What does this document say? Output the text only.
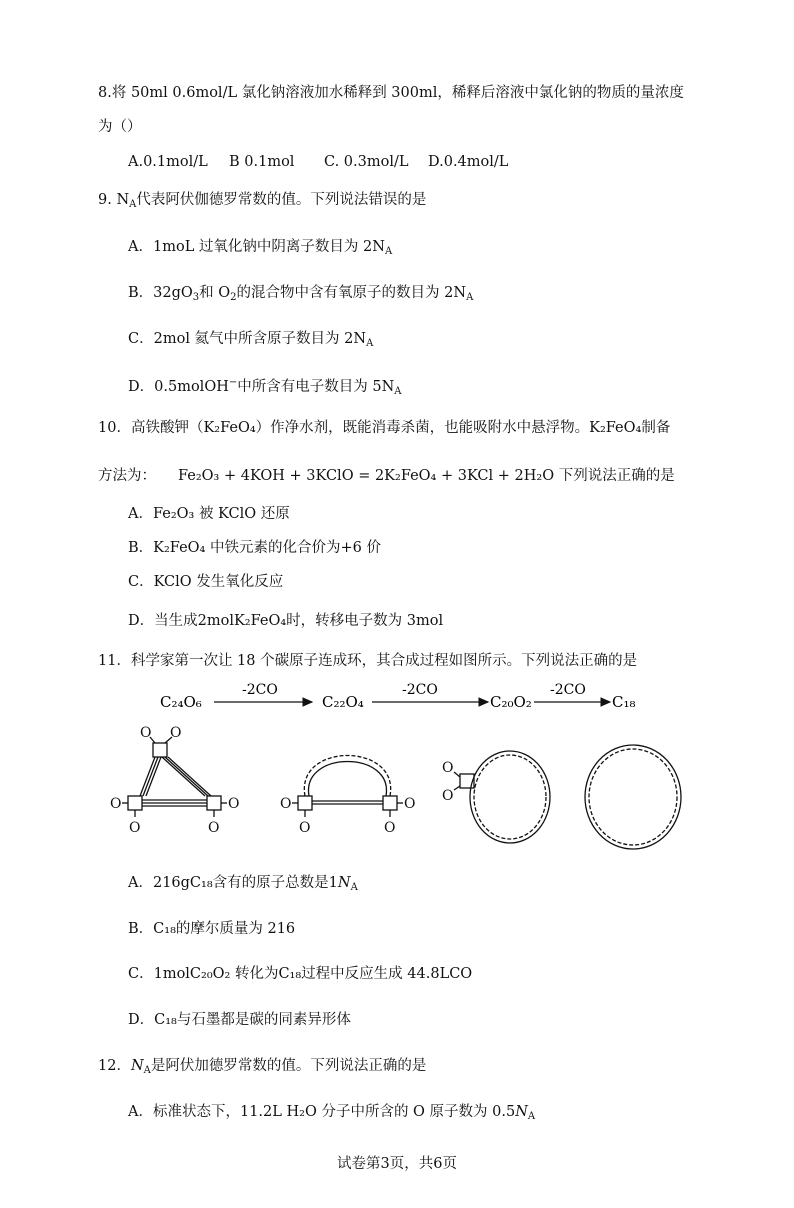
8.将 50ml 0.6mol/L 氯化钠溶液加水稀释到 300ml，稀释后溶液中氯化钠的物质的量浓度
为（）
A.0.1mol/L B 0.1mol C. 0.3mol/L D.0.4mol/L
9. $N_A$代表阿伏伽德罗常数的值。下列说法错误的是
A．1moL 过氧化钠中阴离子数目为 $2N_A$
B．$32gO_3$和 $O_2$的混合物中含有氧原子的数目为 $2N_A$
C．2mol 氦气中所含原子数目为 $2N_A$
D．0.5molOH−中所含有电子数目为 $5N_A$
10．高铁酸钾（K₂FeO₄）作净水剂，既能消毒杀菌，也能吸附水中悬浮物。K₂FeO₄制备
方法为： Fe₂O₃ + 4KOH + 3KClO = 2K₂FeO₄ + 3KCl + 2H₂O 下列说法正确的是
A．Fe₂O₃ 被 KClO 还原
B．K₂FeO₄ 中铁元素的化合价为+6 价
C．KClO 发生氧化反应
D．当生成2molK₂FeO₄时，转移电子数为 3mol
11．科学家第一次让 18 个碳原子连成环，其合成过程如图所示。下列说法正确的是
C₂₄O₆
-2CO
C₂₂O₄
-2CO
C₂₀O₂
-2CO
C₁₈
O O
O
O
O
O
O
O
O
O
O
O
A．216gC₁₈含有的原子总数是$1N_A$
B．C₁₈的摩尔质量为 216
C．1molC₂₀O₂ 转化为C₁₈过程中反应生成 44.8LCO
D．C₁₈与石墨都是碳的同素异形体
12．$N_A$是阿伏加德罗常数的值。下列说法正确的是
A．标准状态下，11.2L H₂O 分子中所含的 O 原子数为 $0.5N_A$
试卷第3页，共6页
